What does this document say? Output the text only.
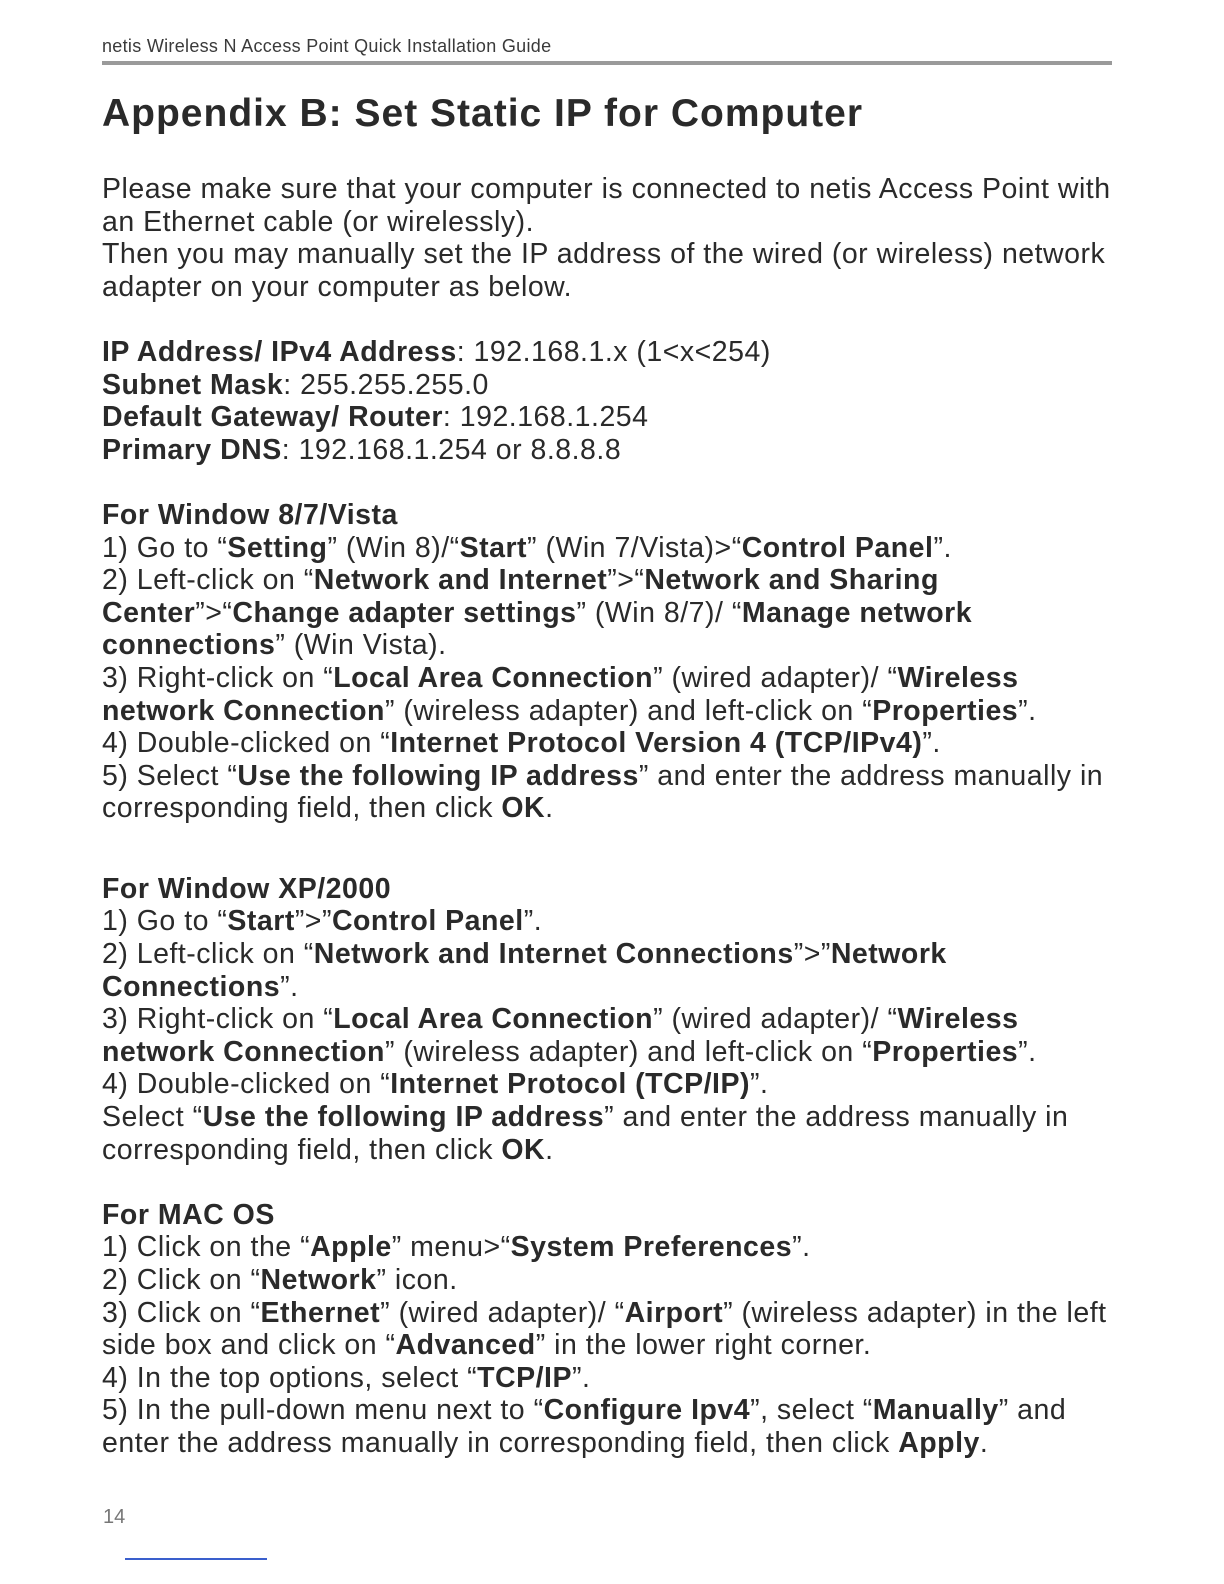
netis Wireless N Access Point Quick Installation Guide
Appendix B: Set Static IP for Computer

Please make sure that your computer is connected to netis Access Point with an Ethernet cable (or wirelessly).

Then you may manually set the IP address of the wired (or wireless) network adapter on your computer as below.

IP Address/ IPv4 Address: 192.168.1.x (1<x<254)

Subnet Mask: 255.255.255.0

Default Gateway/ Router: 192.168.1.254

Primary DNS: 192.168.1.254 or 8.8.8.8

For Window 8/7/Vista

1) Go to “Setting” (Win 8)/“Start” (Win 7/Vista)>“Control Panel”.

2) Left-click on “Network and Internet”>“Network and Sharing Center”>“Change adapter settings” (Win 8/7)/ “Manage network connections” (Win Vista).

3) Right-click on “Local Area Connection” (wired adapter)/ “Wireless network Connection” (wireless adapter) and left-click on “Properties”.

4) Double-clicked on “Internet Protocol Version 4 (TCP/IPv4)”.

5) Select “Use the following IP address” and enter the address manually in corresponding field, then click OK.

For Window XP/2000

1) Go to “Start”>”Control Panel”.

2) Left-click on “Network and Internet Connections”>”Network Connections”.

3) Right-click on “Local Area Connection” (wired adapter)/ “Wireless network Connection” (wireless adapter) and left-click on “Properties”.

4) Double-clicked on “Internet Protocol (TCP/IP)”.

Select “Use the following IP address” and enter the address manually in corresponding field, then click OK.

For MAC OS

1) Click on the “Apple” menu>“System Preferences”.

2) Click on “Network” icon.

3) Click on “Ethernet” (wired adapter)/ “Airport” (wireless adapter) in the left side box and click on “Advanced” in the lower right corner.

4) In the top options, select “TCP/IP”.

5) In the pull-down menu next to “Configure Ipv4”, select “Manually” and enter the address manually in corresponding field, then click Apply.

14
